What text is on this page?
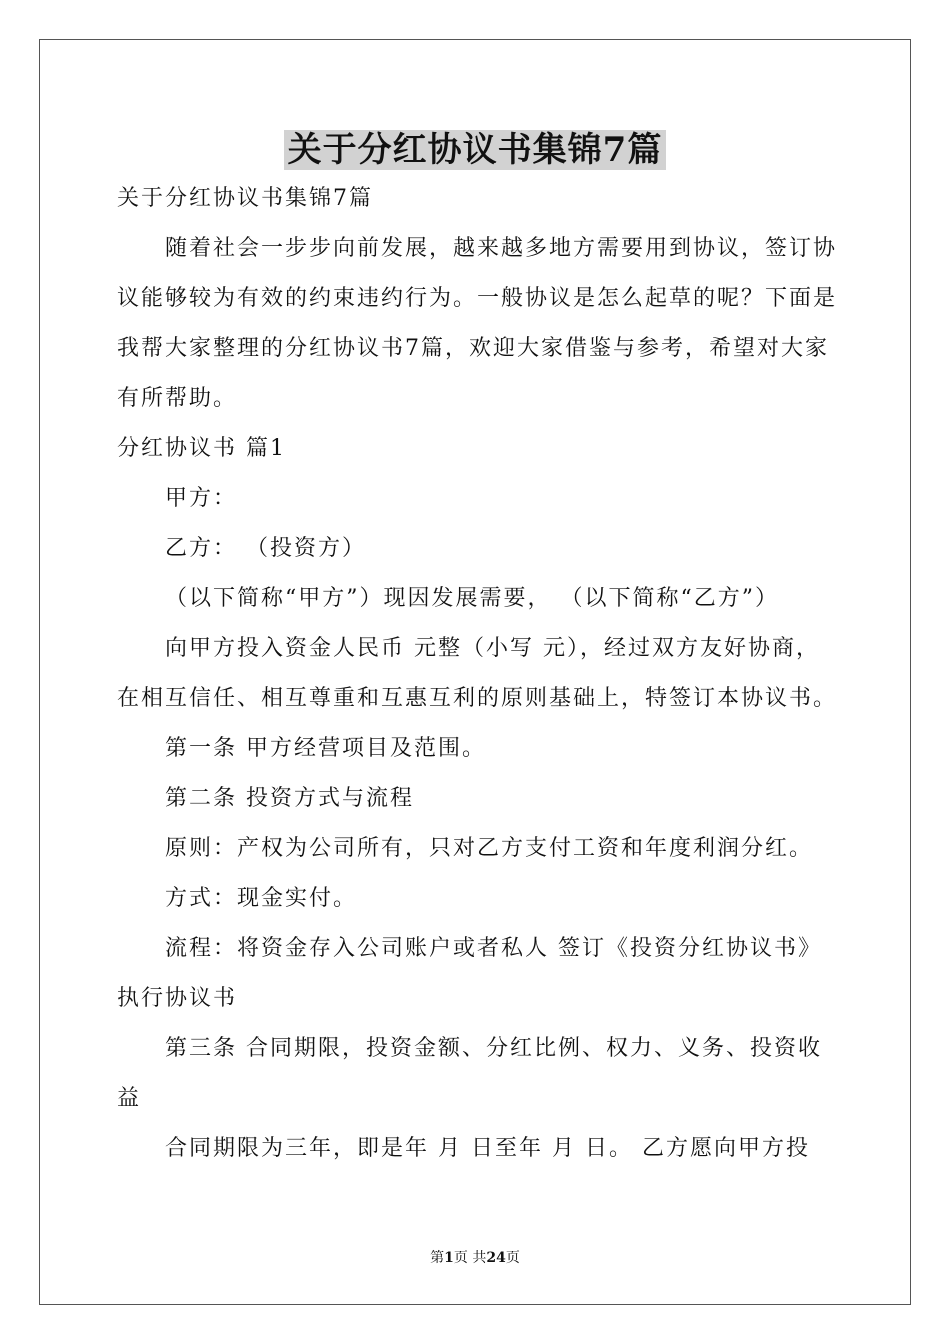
关于分红协议书集锦7篇
关于分红协议书集锦7篇
随着社会一步步向前发展，越来越多地方需要用到协议，签订协
议能够较为有效的约束违约行为。一般协议是怎么起草的呢？下面是
我帮大家整理的分红协议书7篇，欢迎大家借鉴与参考，希望对大家
有所帮助。
分红协议书 篇1
甲方：
乙方： （投资方）
（以下简称“甲方”）现因发展需要， （以下简称“乙方”）
向甲方投入资金人民币 元整（小写 元），经过双方友好协商，
在相互信任、相互尊重和互惠互利的原则基础上，特签订本协议书。
第一条 甲方经营项目及范围。
第二条 投资方式与流程
原则：产权为公司所有，只对乙方支付工资和年度利润分红。
方式：现金实付。
流程：将资金存入公司账户或者私人 签订《投资分红协议书》
执行协议书
第三条 合同期限，投资金额、分红比例、权力、义务、投资收
益
合同期限为三年，即是年 月 日至年 月 日。 乙方愿向甲方投
第1页 共24页
